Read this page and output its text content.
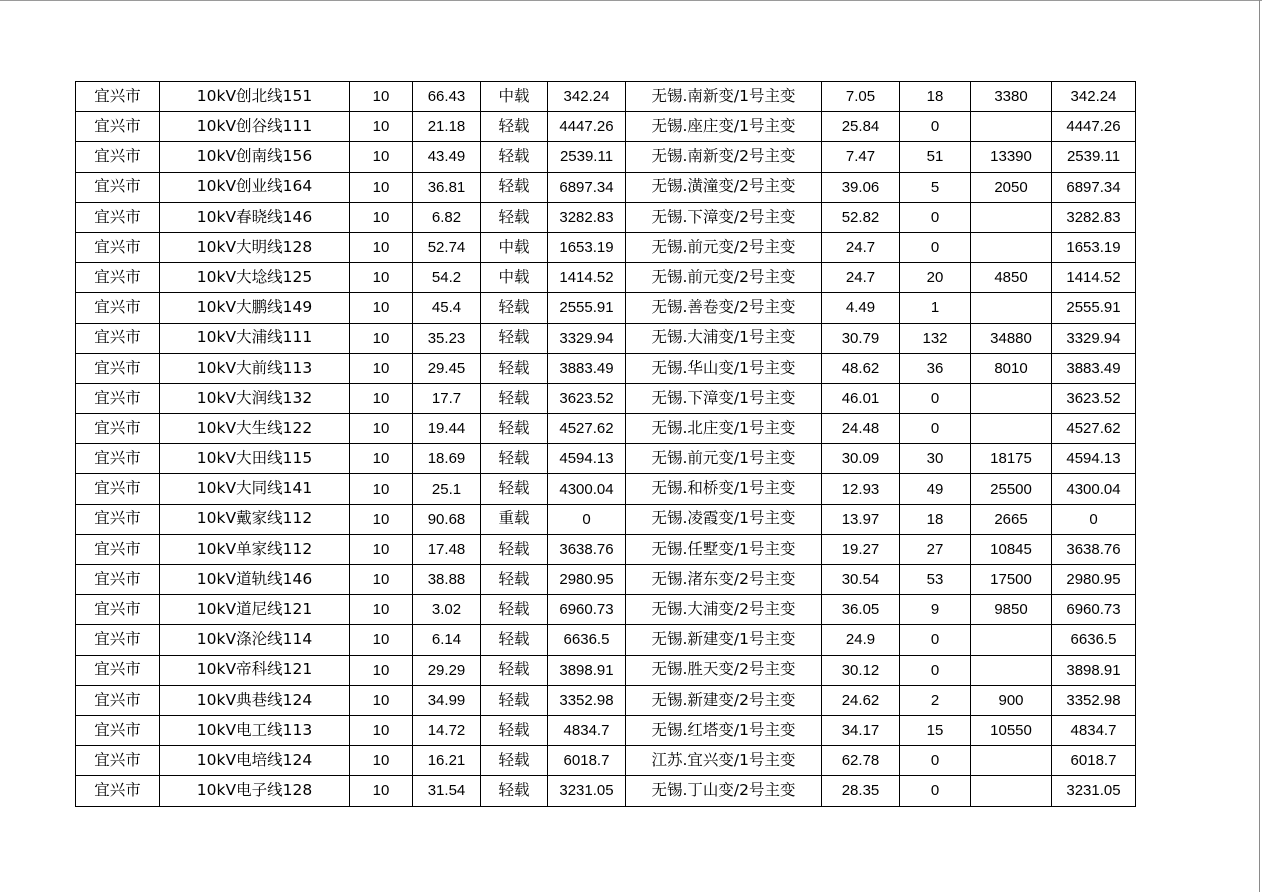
宜兴市	10kV创北线151	10	66.43	中载	342.24	无锡.南新变/1号主变	7.05	18	3380	342.24
宜兴市	10kV创谷线111	10	21.18	轻载	4447.26	无锡.座庄变/1号主变	25.84	0		4447.26
宜兴市	10kV创南线156	10	43.49	轻载	2539.11	无锡.南新变/2号主变	7.47	51	13390	2539.11
宜兴市	10kV创业线164	10	36.81	轻载	6897.34	无锡.潢潼变/2号主变	39.06	5	2050	6897.34
宜兴市	10kV春晓线146	10	6.82	轻载	3282.83	无锡.下漳变/2号主变	52.82	0		3282.83
宜兴市	10kV大明线128	10	52.74	中载	1653.19	无锡.前元变/2号主变	24.7	0		1653.19
宜兴市	10kV大埝线125	10	54.2	中载	1414.52	无锡.前元变/2号主变	24.7	20	4850	1414.52
宜兴市	10kV大鹏线149	10	45.4	轻载	2555.91	无锡.善卷变/2号主变	4.49	1		2555.91
宜兴市	10kV大浦线111	10	35.23	轻载	3329.94	无锡.大浦变/1号主变	30.79	132	34880	3329.94
宜兴市	10kV大前线113	10	29.45	轻载	3883.49	无锡.华山变/1号主变	48.62	36	8010	3883.49
宜兴市	10kV大润线132	10	17.7	轻载	3623.52	无锡.下漳变/1号主变	46.01	0		3623.52
宜兴市	10kV大生线122	10	19.44	轻载	4527.62	无锡.北庄变/1号主变	24.48	0		4527.62
宜兴市	10kV大田线115	10	18.69	轻载	4594.13	无锡.前元变/1号主变	30.09	30	18175	4594.13
宜兴市	10kV大同线141	10	25.1	轻载	4300.04	无锡.和桥变/1号主变	12.93	49	25500	4300.04
宜兴市	10kV戴家线112	10	90.68	重载	0	无锡.凌霞变/1号主变	13.97	18	2665	0
宜兴市	10kV单家线112	10	17.48	轻载	3638.76	无锡.任墅变/1号主变	19.27	27	10845	3638.76
宜兴市	10kV道轨线146	10	38.88	轻载	2980.95	无锡.渚东变/2号主变	30.54	53	17500	2980.95
宜兴市	10kV道尼线121	10	3.02	轻载	6960.73	无锡.大浦变/2号主变	36.05	9	9850	6960.73
宜兴市	10kV涤沦线114	10	6.14	轻载	6636.5	无锡.新建变/1号主变	24.9	0		6636.5
宜兴市	10kV帝科线121	10	29.29	轻载	3898.91	无锡.胜天变/2号主变	30.12	0		3898.91
宜兴市	10kV典巷线124	10	34.99	轻载	3352.98	无锡.新建变/2号主变	24.62	2	900	3352.98
宜兴市	10kV电工线113	10	14.72	轻载	4834.7	无锡.红塔变/1号主变	34.17	15	10550	4834.7
宜兴市	10kV电培线124	10	16.21	轻载	6018.7	江苏.宜兴变/1号主变	62.78	0		6018.7
宜兴市	10kV电子线128	10	31.54	轻载	3231.05	无锡.丁山变/2号主变	28.35	0		3231.05
